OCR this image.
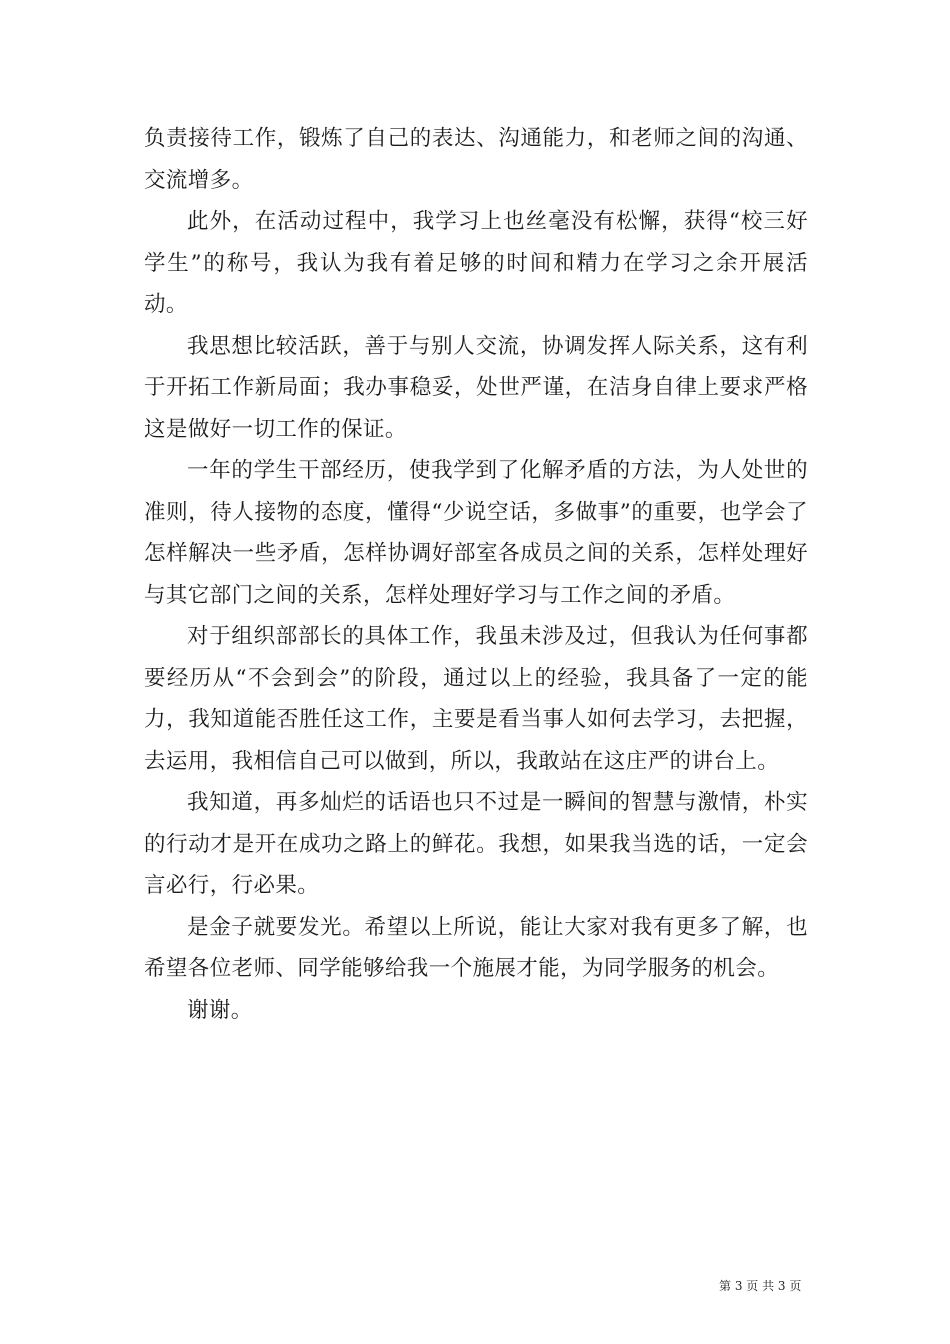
负责接待工作，锻炼了自己的表达、沟通能力，和老师之间的沟通、交流增多。

此外，在活动过程中，我学习上也丝毫没有松懈，获得“校三好学生”的称号，我认为我有着足够的时间和精力在学习之余开展活动。

我思想比较活跃，善于与别人交流，协调发挥人际关系，这有利于开拓工作新局面；我办事稳妥，处世严谨，在洁身自律上要求严格这是做好一切工作的保证。

一年的学生干部经历，使我学到了化解矛盾的方法，为人处世的准则，待人接物的态度，懂得“少说空话，多做事”的重要，也学会了怎样解决一些矛盾，怎样协调好部室各成员之间的关系，怎样处理好与其它部门之间的关系，怎样处理好学习与工作之间的矛盾。

对于组织部部长的具体工作，我虽未涉及过，但我认为任何事都要经历从“不会到会”的阶段，通过以上的经验，我具备了一定的能力，我知道能否胜任这工作，主要是看当事人如何去学习，去把握，去运用，我相信自己可以做到，所以，我敢站在这庄严的讲台上。

我知道，再多灿烂的话语也只不过是一瞬间的智慧与激情，朴实的行动才是开在成功之路上的鲜花。我想，如果我当选的话，一定会言必行，行必果。

是金子就要发光。希望以上所说，能让大家对我有更多了解，也希望各位老师、同学能够给我一个施展才能，为同学服务的机会。

谢谢。

第 3 页 共 3 页
